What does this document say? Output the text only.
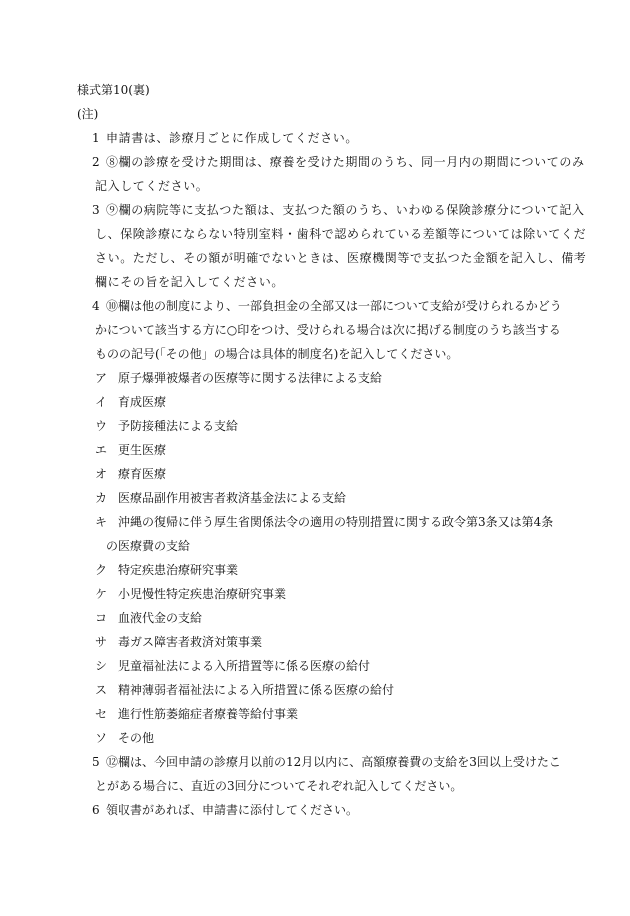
様式第10(裏)
(注)
1 申請書は、診療月ごとに作成してください。
2 ⑧欄の診療を受けた期間は、療養を受けた期間のうち、同一月内の期間についてのみ
記入してください。
3 ⑨欄の病院等に支払つた額は、支払つた額のうち、いわゆる保険診療分について記入
し、保険診療にならない特別室料・歯科で認められている差額等については除いてくだ
さい。ただし、その額が明確でないときは、医療機関等で支払つた金額を記入し、備考
欄にその旨を記入してください。
4 ⑩欄は他の制度により、一部負担金の全部又は一部について支給が受けられるかどう
かについて該当する方に○印をつけ、受けられる場合は次に掲げる制度のうち該当する
ものの記号(「その他」の場合は具体的制度名)を記入してください。
ア 原子爆弾被爆者の医療等に関する法律による支給
イ 育成医療
ウ 予防接種法による支給
エ 更生医療
オ 療育医療
カ 医療品副作用被害者救済基金法による支給
キ 沖縄の復帰に伴う厚生省関係法令の適用の特別措置に関する政令第3条又は第4条
の医療費の支給
ク 特定疾患治療研究事業
ケ 小児慢性特定疾患治療研究事業
コ 血液代金の支給
サ 毒ガス障害者救済対策事業
シ 児童福祉法による入所措置等に係る医療の給付
ス 精神薄弱者福祉法による入所措置に係る医療の給付
セ 進行性筋萎縮症者療養等給付事業
ソ その他
5 ⑫欄は、今回申請の診療月以前の12月以内に、高額療養費の支給を3回以上受けたこ
とがある場合に、直近の3回分についてそれぞれ記入してください。
6 領収書があれば、申請書に添付してください。
